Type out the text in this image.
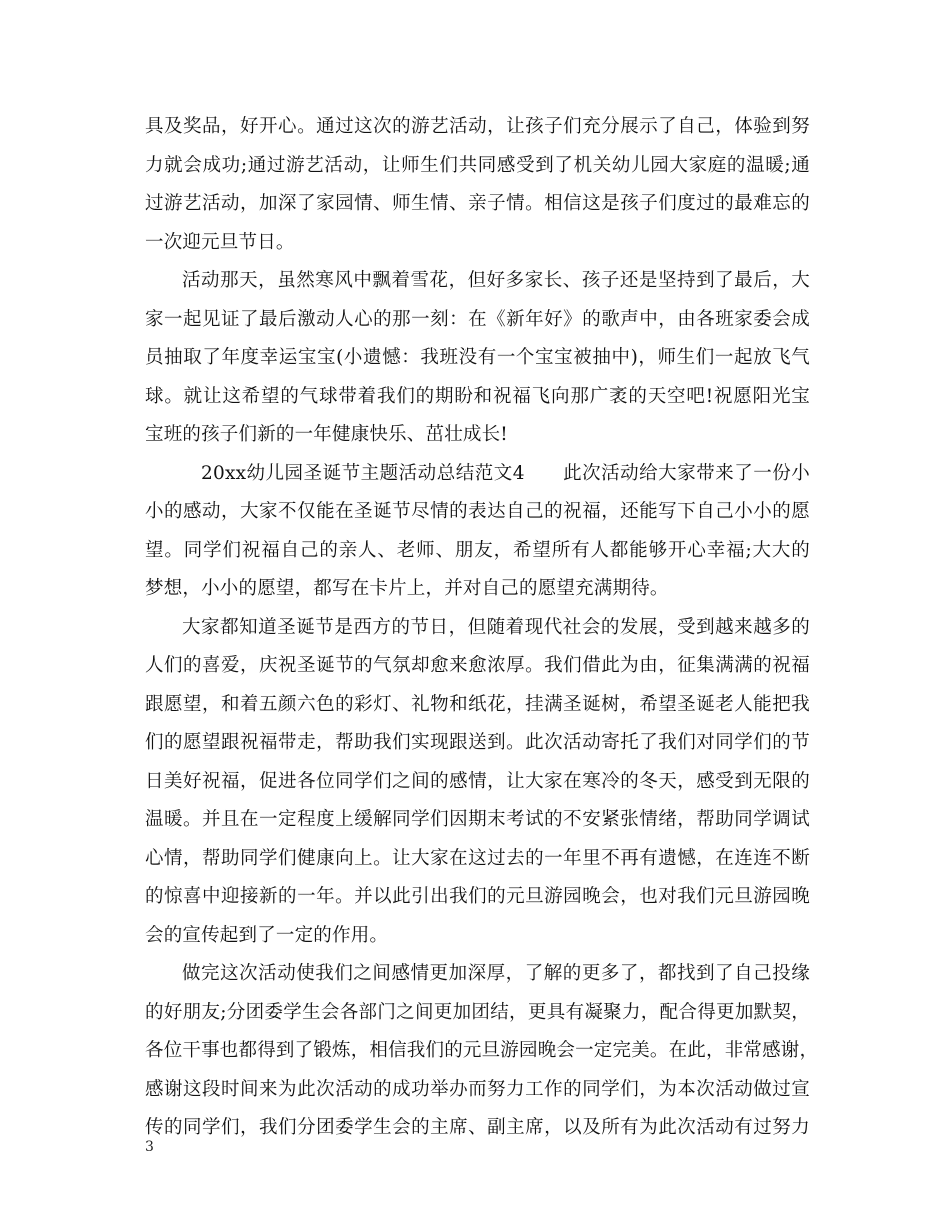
具及奖品，好开心。通过这次的游艺活动，让孩子们充分展示了自己，体验到努
力就会成功;通过游艺活动，让师生们共同感受到了机关幼儿园大家庭的温暖;通
过游艺活动，加深了家园情、师生情、亲子情。相信这是孩子们度过的最难忘的
一次迎元旦节日。
活动那天，虽然寒风中飘着雪花，但好多家长、孩子还是坚持到了最后，大
家一起见证了最后激动人心的那一刻：在《新年好》的歌声中，由各班家委会成
员抽取了年度幸运宝宝(小遗憾：我班没有一个宝宝被抽中)，师生们一起放飞气
球。就让这希望的气球带着我们的期盼和祝福飞向那广袤的天空吧!祝愿阳光宝
宝班的孩子们新的一年健康快乐、茁壮成长!
20xx幼儿园圣诞节主题活动总结范文4　　此次活动给大家带来了一份小
小的感动，大家不仅能在圣诞节尽情的表达自己的祝福，还能写下自己小小的愿
望。同学们祝福自己的亲人、老师、朋友，希望所有人都能够开心幸福;大大的
梦想，小小的愿望，都写在卡片上，并对自己的愿望充满期待。
大家都知道圣诞节是西方的节日，但随着现代社会的发展，受到越来越多的
人们的喜爱，庆祝圣诞节的气氛却愈来愈浓厚。我们借此为由，征集满满的祝福
跟愿望，和着五颜六色的彩灯、礼物和纸花，挂满圣诞树，希望圣诞老人能把我
们的愿望跟祝福带走，帮助我们实现跟送到。此次活动寄托了我们对同学们的节
日美好祝福，促进各位同学们之间的感情，让大家在寒冷的冬天，感受到无限的
温暖。并且在一定程度上缓解同学们因期末考试的不安紧张情绪，帮助同学调试
心情，帮助同学们健康向上。让大家在这过去的一年里不再有遗憾，在连连不断
的惊喜中迎接新的一年。并以此引出我们的元旦游园晚会，也对我们元旦游园晚
会的宣传起到了一定的作用。
做完这次活动使我们之间感情更加深厚，了解的更多了，都找到了自己投缘
的好朋友;分团委学生会各部门之间更加团结，更具有凝聚力，配合得更加默契，
各位干事也都得到了锻炼，相信我们的元旦游园晚会一定完美。在此，非常感谢，
感谢这段时间来为此次活动的成功举办而努力工作的同学们，为本次活动做过宣
传的同学们，我们分团委学生会的主席、副主席，以及所有为此次活动有过努力
3
